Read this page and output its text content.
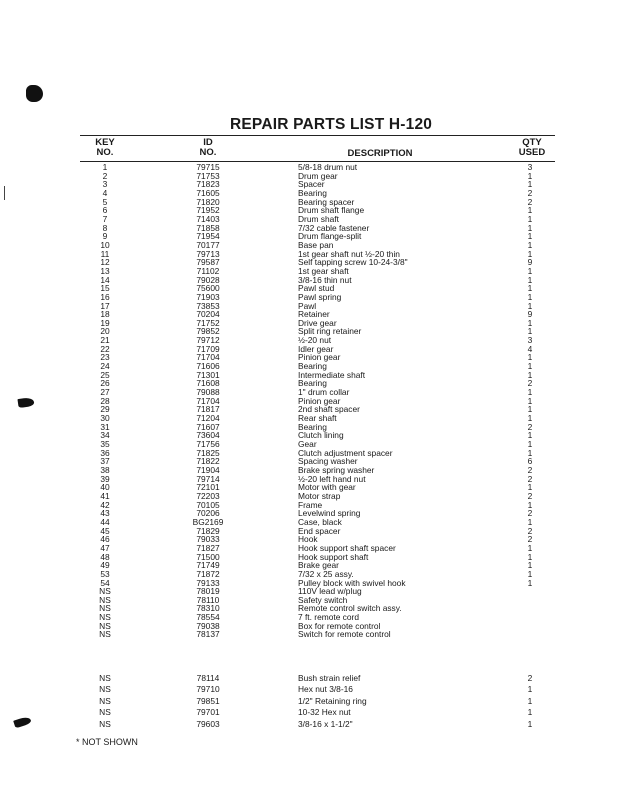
REPAIR PARTS LIST H-120
KEY
NO.
ID
NO.	DESCRIPTION
QTY
USED
1	79715	5/8-18 drum nut	3
2	71753	Drum gear	1
3	71823	Spacer	1
4	71605	Bearing	2
5	71820	Bearing spacer	2
6	71952	Drum shaft flange	1
7	71403	Drum shaft	1
8	71858	7/32 cable fastener	1
9	71954	Drum flange-split	1
10	70177	Base pan	1
11	79713	1st gear shaft nut ½-20 thin	1
12	79587	Self tapping screw 10-24-3/8"	9
13	71102	1st gear shaft	1
14	79028	3/8-16 thin nut	1
15	75600	Pawl stud	1
16	71903	Pawl spring	1
17	73853	Pawl	1
18	70204	Retainer	9
19	71752	Drive gear	1
20	79852	Split ring retainer	1
21	79712	½-20 nut	3
22	71709	Idler gear	4
23	71704	Pinion gear	1
24	71606	Bearing	1
25	71301	Intermediate shaft	1
26	71608	Bearing	2
27	79088	1" drum collar	1
28	71704	Pinion gear	1
29	71817	2nd shaft spacer	1
30	71204	Rear shaft	1
31	71607	Bearing	2
34	73604	Clutch lining	1
35	71756	Gear	1
36	71825	Clutch adjustment spacer	1
37	71822	Spacing washer	6
38	71904	Brake spring washer	2
39	79714	½-20 left hand nut	2
40	72101	Motor with gear	1
41	72203	Motor strap	2
42	70105	Frame	1
43	70206	Levelwind spring	2
44	BG2169	Case, black	1
45	71829	End spacer	2
46	79033	Hook	2
47	71827	Hook support shaft spacer	1
48	71500	Hook support shaft	1
49	71749	Brake gear	1
53	71872	7/32 x 25 assy.	1
54	79133	Pulley block with swivel hook	1
NS	78019	110V lead w/plug
NS	78110	Safety switch
NS	78310	Remote control switch assy.
NS	78554	7 ft. remote cord
NS	79038	Box for remote control
NS	78137	Switch for remote control
NS	78114	Bush strain relief	2
NS	79710	Hex nut 3/8-16	1
NS	79851	1/2" Retaining ring	1
NS	79701	10-32 Hex nut	1
NS	79603	3/8-16 x 1-1/2"	1
* NOT SHOWN
